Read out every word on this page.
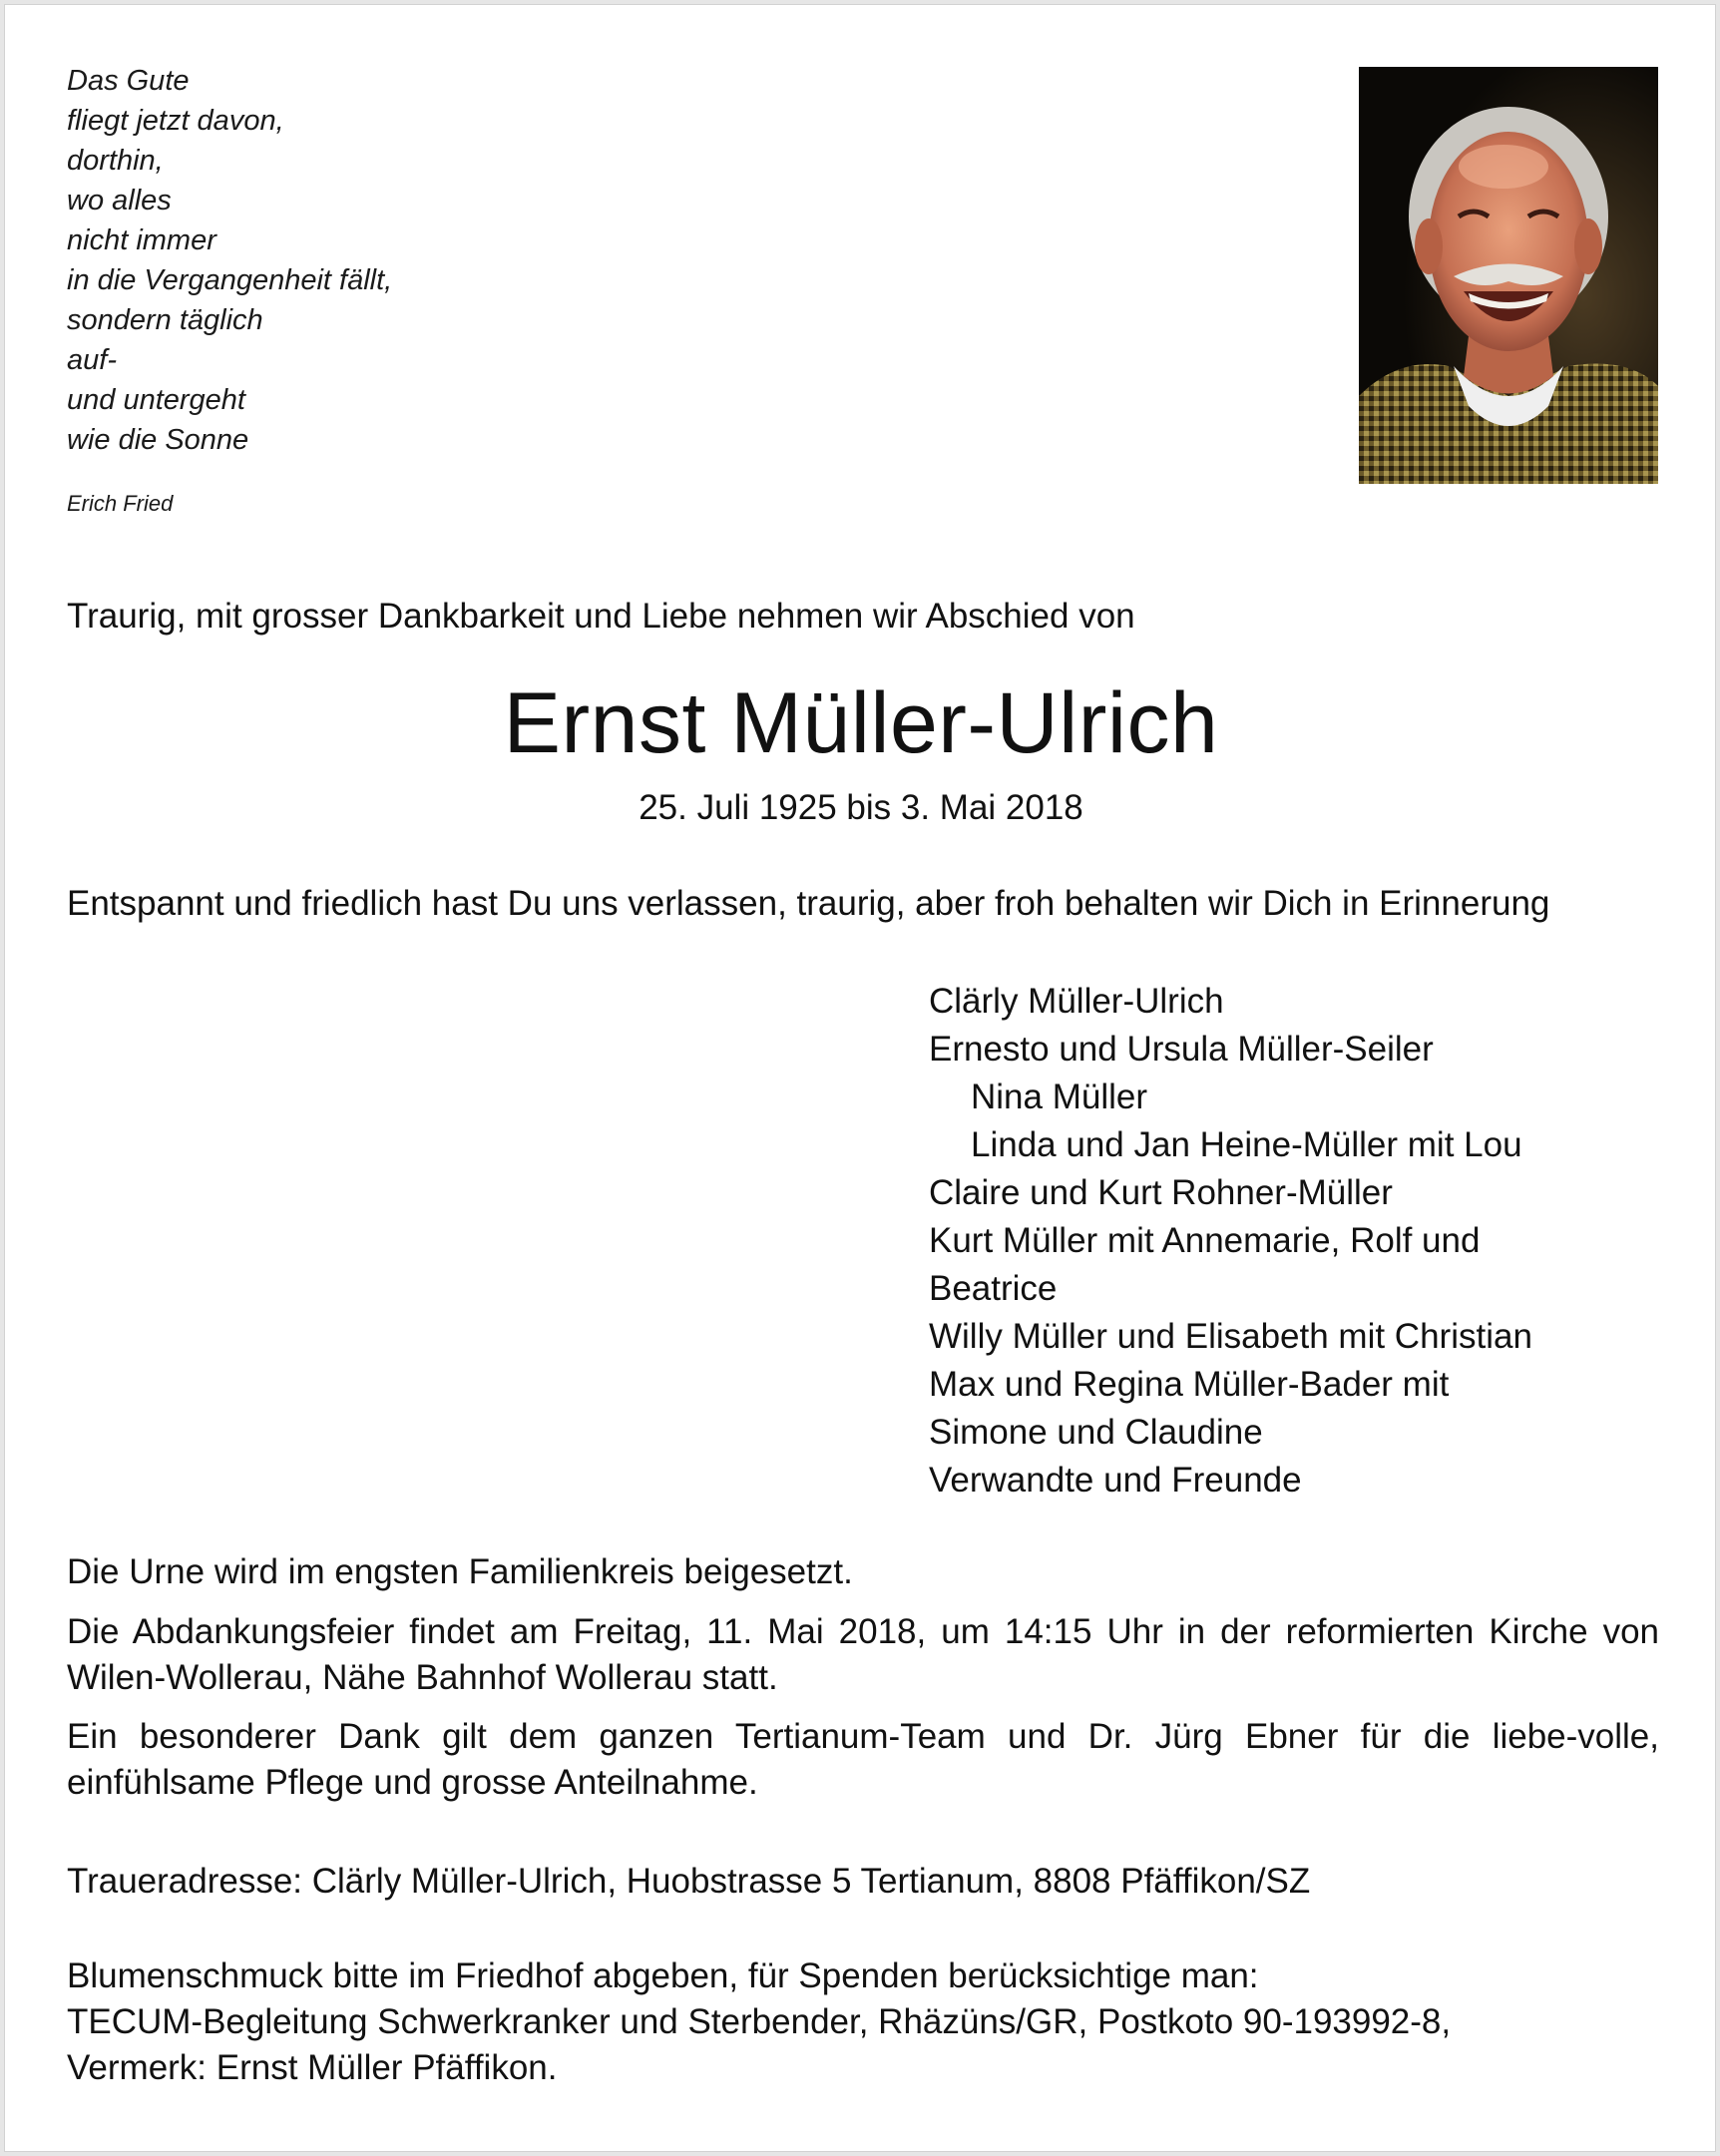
Das Gute
fliegt jetzt davon,
dorthin,
wo alles
nicht immer
in die Vergangenheit fällt,
sondern täglich
auf-
und untergeht
wie die Sonne
Erich Fried
Traurig, mit grosser Dankbarkeit und Liebe nehmen wir Abschied von
Ernst Müller-Ulrich
25. Juli 1925 bis 3. Mai 2018
Entspannt und friedlich hast Du uns verlassen, traurig, aber froh behalten wir Dich in Erinnerung
Clärly Müller-Ulrich
Ernesto und Ursula Müller-Seiler
Nina Müller
Linda und Jan Heine-Müller mit Lou
Claire und Kurt Rohner-Müller
Kurt Müller mit Annemarie, Rolf und
Beatrice
Willy Müller und Elisabeth mit Christian
Max und Regina Müller-Bader mit
Simone und Claudine
Verwandte und Freunde
Die Urne wird im engsten Familienkreis beigesetzt.
Die Abdankungsfeier findet am Freitag, 11. Mai 2018, um 14:15 Uhr in der reformierten Kirche von Wilen-Wollerau, Nähe Bahnhof Wollerau statt.
Ein besonderer Dank gilt dem ganzen Tertianum-Team und Dr. Jürg Ebner für die liebe-volle, einfühlsame Pflege und grosse Anteilnahme.
Traueradresse: Clärly Müller-Ulrich, Huobstrasse 5 Tertianum, 8808 Pfäffikon/SZ
Blumenschmuck bitte im Friedhof abgeben, für Spenden berücksichtige man:
TECUM-Begleitung Schwerkranker und Sterbender, Rhäzüns/GR, Postkoto 90-193992-8,
Vermerk: Ernst Müller Pfäffikon.
